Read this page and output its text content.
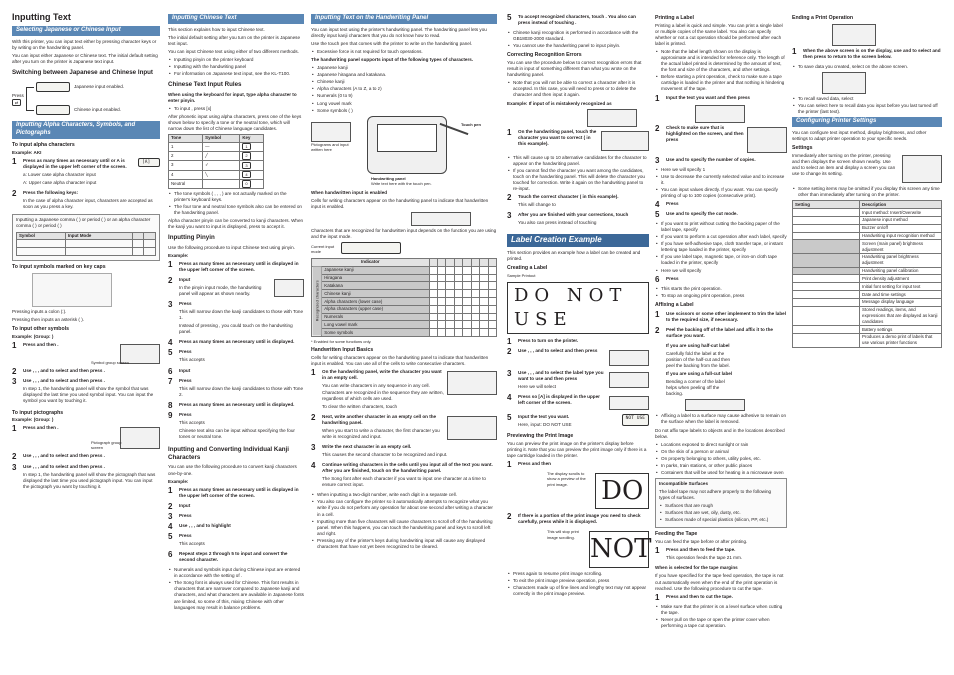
Inputting Text
Selecting Japanese or Chinese Input

With this printer, you can input text either by pressing character keys or by writing on the handwriting panel.

You can input either Japanese or Chinese text. The initial default setting after you turn on the printer is Japanese text input.

Switching between Japanese and Chinese Input
Press
⇄
Japanese input enabled.
Chinese input enabled.
Inputting Alpha Characters, Symbols, and Pictographs
To input alpha characters

Example: AKI

1	Press as many times as necessary until or A is displayed in the upper left corner of the screen.

a: Lower case alpha character input

A: Upper case alpha character input

[A]
2	Press the following keys:

In the case of alpha character input, characters are accepted as soon as you press a key.

Inputting a Japanese comma ( ) or period ( ) or an alpha character comma ( ) or period ( )

Symbol	Input Mode		

To input symbols marked on key caps

Pressing inputs a colon (:).

Pressing then inputs an asterisk ( ).

To input other symbols

Example: (Group: )

1	Press and then .

Symbol group screen
2	Use , , , and to select and then press .

3	Use , , , and to select and then press .

In step 1, the handwriting panel will show the symbol that was displayed the last time you used symbol input. You can input the symbol you want by touching it.

To input pictographs

Example: (Group: )

1	Press and then .

Pictograph group screen
2	Use , , , and to select and then press .

3	Use , , , and to select and then press .

In step 1, the handwriting panel will show the pictograph that was displayed the last time you used pictograph input. You can input the pictograph you want by touching it.

Inputting Chinese Text

This section explains how to input Chinese text.

The initial default setting after you turn on the printer is Japanese text input.

You can input Chinese text using either of two different methods.

• Inputting pinyin on the printer keyboard
• Inputting with the handwriting panel
• For information on Japanese text input, see the KL-T100.
Chinese Text Input Rules

When using the keyboard for input, type alpha character to enter pinyin.

• To input , press [x]

After phonetic input using alpha characters, press one of the keys shown below to specify a tone or the neutral tone, which will narrow down the list of Chinese language candidates.

Tone	Symbol	Key
1	—	1
2	╱	2
3	✓	3
4	╲	4
Neutral		0
• The tone symbols ( , , , ) are not actually marked on the printer's keyboard keys.
• The four tone and neutral tone symbols also can be entered on the handwriting panel.

Alpha character pinyin can be converted to kanji characters. When the kanji you want to input is displayed, press to accept it.

Inputting Pinyin

Use the following procedure to input Chinese text using pinyin.

Example:

1	Press as many times as necessary until is displayed in the upper left corner of the screen.

2	Input

In the pinyin input mode, the handwriting panel will appear as shown nearby.

3	Press

This will narrow down the kanji candidates to those with Tone 1.

Instead of pressing , you could touch on the handwriting panel.

4	Press as many times as necessary until is displayed.

5	Press

This accepts

6	Input

7	Press

This will narrow down the kanji candidates to those with Tone 2.

8	Press as many times as necessary until is displayed.

9	Press

This accepts

Chinese text also can be input without specifying the four tones or neutral tone.

Inputting and Converting Individual Kanji Characters

You can use the following procedure to convert kanji characters one-by-one.

Example:

1	Press as many times as necessary until is displayed in the upper left corner of the screen.

2	Input

3	Press

4	Use , , , and to highlight

5	Press

This accepts

6	Repeat steps 2 through 5 to input and convert the second character.

• Numerals and symbols input during Chinese input are entered in accordance with the setting of .
• The Song font is always used for Chinese. This font results in characters that are narrower compared to Japanese kanji and characters, and what characters are available in Japanese fonts are limited, so some of this, mixing Chinese with other languages may result in balance problems.
Inputting Text on the Handwriting Panel

You can input text using the printer's handwriting panel. The handwriting panel lets you directly input kanji characters that you do not know how to read.

Use the touch pen that comes with the printer to write on the handwriting panel.

• Excessive force is not required for touch operations.

The handwriting panel supports input of the following types of characters.

• Japanese kanji
• Japanese hiragana and katakana.
• Chinese kanji
• Alpha characters (A to Z, a to z)
• Numerals (0 to 9)
• Long vowel mark
• Some symbols ( )
Pictograms and input written here
Handwriting panel
Write text here with the touch pen.
Touch pen

When handwritten input is enabled

Cells for writing characters appear on the handwriting panel to indicate that handwritten input is enabled.

Characters that are recognized for handwritten input depends on the function you are using and the input mode.

Current input mode
Indicator									
Recognized characters	Japanese kanji								
	Hiragana								
	Katakana								
	Chinese kanji								
	Alpha characters (lower case)								
	Alpha characters (upper case)								
	Numerals								
	Long vowel mark								
	Some symbols								

* Enabled for some functions only.

Handwritten Input Basics

Cells for writing characters appear on the handwriting panel to indicate that handwritten input is enabled. You can use all of the cells to write consecutive characters.

1	On the handwriting panel, write the character you want in an empty cell.

You can write characters in any sequence in any cell. Characters are recognized in the sequence they are written, regardless of which cells are used.

To clear the written characters, touch

2	Next, write another character in an empty cell on the handwriting panel.

When you start to write a character, the first character you write is recognized and input.

3	Write the next character in an empty cell.

This causes the second character to be recognized and input.

4	Continue writing characters in the cells until you input all of the text you want. After you are finished, touch on the handwriting panel.

The Song font after each character if you want to input one character at a time to ensure correct input.

• When inputting a two-digit number, write each digit in a separate cell.
• You also can configure the printer so it automatically attempts to recognize what you write if you do not perform any operation for about one second after writing a character in a cell.
• Inputting more than five characters will cause characters to scroll off of the handwriting panel. When this happens, you can touch the handwriting panel and keys to scroll left and right.
• Pressing any of the printer's keys during handwriting input will cause any displayed characters that have not yet been recognized to be cleared.
5	To accept recognized characters, touch . You also can press instead of touching .

• Chinese kanji recognition is performed in accordance with the GB18030-2000 standard.
• You cannot use the handwriting panel to input pinyin.
Correcting Recognition Errors

You can use the procedure below to correct recognition errors that result in input of something different than what you wrote on the handwriting panel.

• Note that you will not be able to correct a character after it is accepted. In this case, you will need to press or to delete the character and then input it again.

Example: If input of is mistakenly recognized as

1	On the handwriting panel, touch the character you want to correct ( in this example).

• This will cause up to 10 alternative candidates for the character to appear on the handwriting panel.
• If you cannot find the character you want among the candidates, touch on the handwriting panel. This will delete the character you touched for correction. Write it again on the handwriting panel to re-input.
2	Touch the correct character ( in this example).

This will change to

3	After you are finished with your corrections, touch

You also can press instead of touching

Label Creation Example

This section provides an example how a label can be created and printed.

Creating a Label

Sample Printout

DO NOT USE
1	Press to turn on the printer.

2	Use , , , and to select and then press

3	Use , , , and to select the label type you want to use and then press

Here we will select

4	Press so [A] is displayed in the upper left corner of the screen.

5	Input the text you want.

Here, input: DO NOT USE

NOT USE
Previewing the Print Image

You can preview the print image on the printer's display before printing it. Note that you can preview the print image only if there is a tape cartridge loaded in the printer.

1	Press and then

The display scrolls to show a preview of the print image.	DO
2	If there is a portion of the print image you need to check carefully, press while it is displayed.

This will stop print image scrolling. NOT
• Press again to resume print image scrolling.
• To exit the print image preview operation, press
• Characters made up of fine lines and lengthy text may not appear correctly in the print image preview.
Printing a Label

Printing a label is quick and simple. You can print a single label or multiple copies of the same label. You also can specify whether or not a cut operation should be performed after each label is printed.

• Note that the label length shown on the display is approximate and is intended for reference only. The length of the actual label printed is determined by the amount of text, the font and size of the characters, and other settings.
• Before starting a print operation, check to make sure a tape cartridge is loaded in the printer and that nothing is hindering movement of the tape.
1	Input the text you want and then press

2	Check to make sure that is highlighted on the screen, and then press

3	Use and to specify the number of copies.

• Here we will specify 1
• Use to decrease the currently selected value and to increase it.
• You can input values directly. If you want. You can specify printing of up to 100 copies (consecutive print).
4	Press

5	Use and to specify the cut mode.

• If you want to print without cutting the backing paper of the label tape, specify
• If you want to perform a cut operation after each label, specify
• If you have self-adhesive tape, cloth transfer tape, or instant lettering tape loaded in the printer, specify
• If you use label tape, magnetic tape, or iron-on cloth tape loaded in the printer, specify
• Here we will specify
6	Press

• This starts the print operation.
• To stop an ongoing print operation, press
Affixing a Label
1	Use scissors or some other implement to trim the label to the required size, if necessary.

2	Peel the backing off of the label and affix it to the surface you want.

If you are using half-cut label

Carefully fold the label at the position of the half-cut and then peel the backing from the label.

If you are using a full-cut label

Bending a corner of the label helps when peeling off the backing.

• Affixing a label to a surface may cause adhesive to remain on the surface when the label is removed.

Do not affix tape labels to objects and in the locations described below.

• Locations exposed to direct sunlight or rain
• On the skin of a person or animal
• On property belonging to others, utility poles, etc.
• In parks, train stations, or other public places
• Containers that will be used for heating in a microwave oven

Incompatible Surfaces

The label tape may not adhere properly to the following types of surfaces.

• Surfaces that are rough
• Surfaces that are wet, oily, dusty, etc.
• Surfaces made of special plastics (silicon, PP, etc.)
Feeding the Tape

You can feed the tape before or after printing.

1	Press and then to feed the tape.

This operation feeds the tape 21 mm.

When is selected for the tape margins

If you have specified for the tape feed operation, the tape is not cut automatically even when the end of the print operation is reached. Use the following procedure to cut the tape.

1	Press and then to cut the tape.

• Make sure that the printer is on a level surface when cutting the tape.
• Never pull on the tape or open the printer cover when performing a tape cut operation.
Ending a Print Operation
1	When the above screen is on the display, use and to select and then press to return to the screen below.

• To save data you created, select on the above screen.
• To recall saved data, select
• You can select here to recall data you input before you last turned off the printer (last text).
Configuring Printer Settings

You can configure text input method, display brightness, and other settings to adapt printer operation to your specific needs.

Settings

Immediately after turning on the printer, pressing and then displays the screen shown nearby. Use and to select an item and display a screen you can use to change its setting.

• Some setting items may be omitted if you display this screen any time other than immediately after turning on the printer.
Setting	Description
	Input method: Insert/Overwrite
	Japanese input method
	Buzzer on/off
	Handwriting input recognition method
	Screen (main panel) brightness adjustment
	Handwriting panel brightness adjustment
	Handwriting panel calibration
	Print density adjustment
	Initial font setting for input text
	Date and time settings
	Message display language
	Stored readings, items, and expressions that are displayed as kanji candidates
	Battery settings
	Produces a demo print of labels that use various printer functions
